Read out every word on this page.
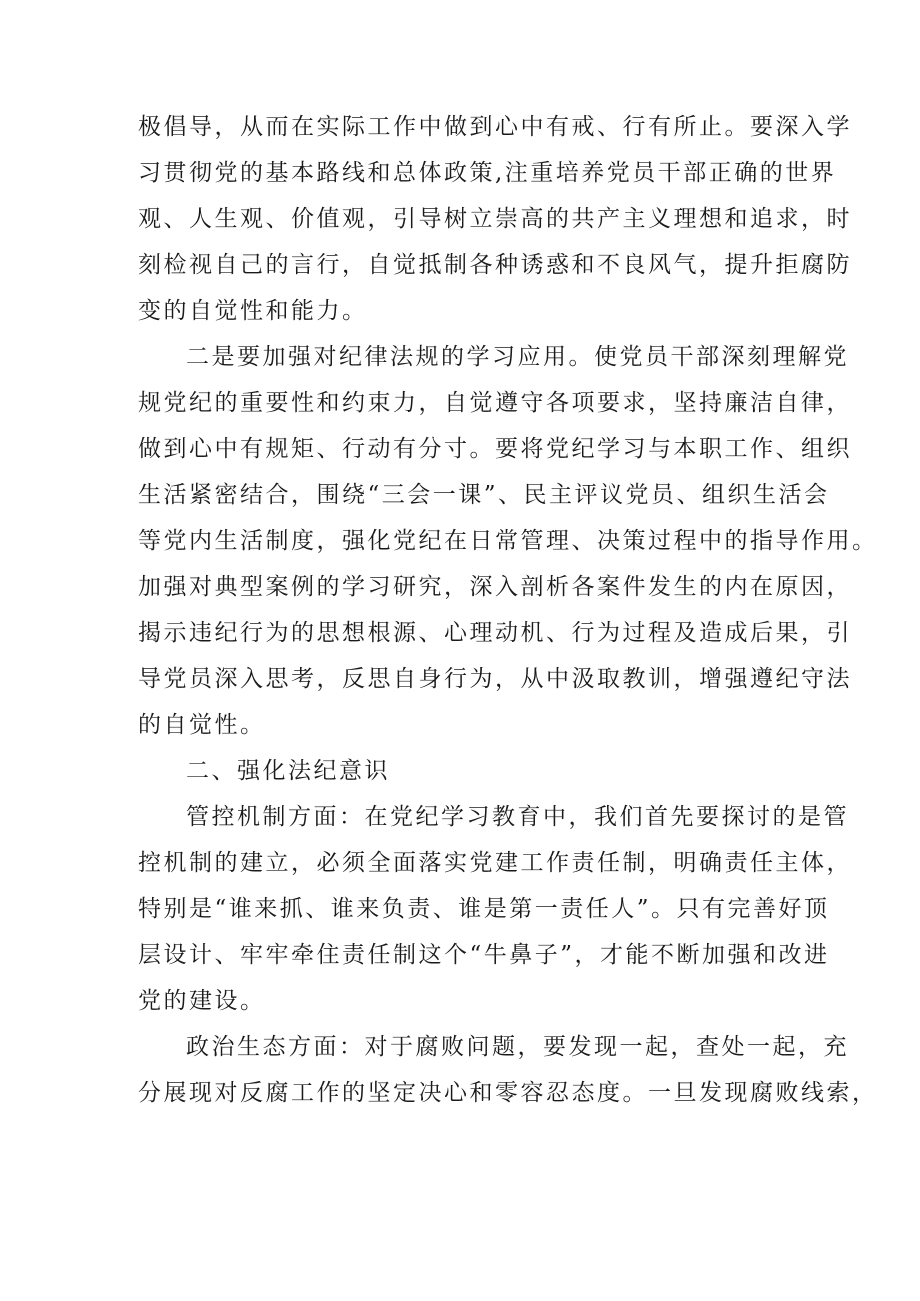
极倡导，从而在实际工作中做到心中有戒、行有所止。要深入学
习贯彻党的基本路线和总体政策,注重培养党员干部正确的世界
观、人生观、价值观，引导树立崇高的共产主义理想和追求，时
刻检视自己的言行，自觉抵制各种诱惑和不良风气，提升拒腐防
变的自觉性和能力。
二是要加强对纪律法规的学习应用。使党员干部深刻理解党
规党纪的重要性和约束力，自觉遵守各项要求，坚持廉洁自律，
做到心中有规矩、行动有分寸。要将党纪学习与本职工作、组织
生活紧密结合，围绕“三会一课”、民主评议党员、组织生活会
等党内生活制度，强化党纪在日常管理、决策过程中的指导作用。
加强对典型案例的学习研究，深入剖析各案件发生的内在原因，
揭示违纪行为的思想根源、心理动机、行为过程及造成后果，引
导党员深入思考，反思自身行为，从中汲取教训，增强遵纪守法
的自觉性。
二、强化法纪意识
管控机制方面：在党纪学习教育中，我们首先要探讨的是管
控机制的建立，必须全面落实党建工作责任制，明确责任主体，
特别是“谁来抓、谁来负责、谁是第一责任人”。只有完善好顶
层设计、牢牢牵住责任制这个“牛鼻子”，才能不断加强和改进
党的建设。
政治生态方面：对于腐败问题，要发现一起，查处一起，充
分展现对反腐工作的坚定决心和零容忍态度。一旦发现腐败线索，
